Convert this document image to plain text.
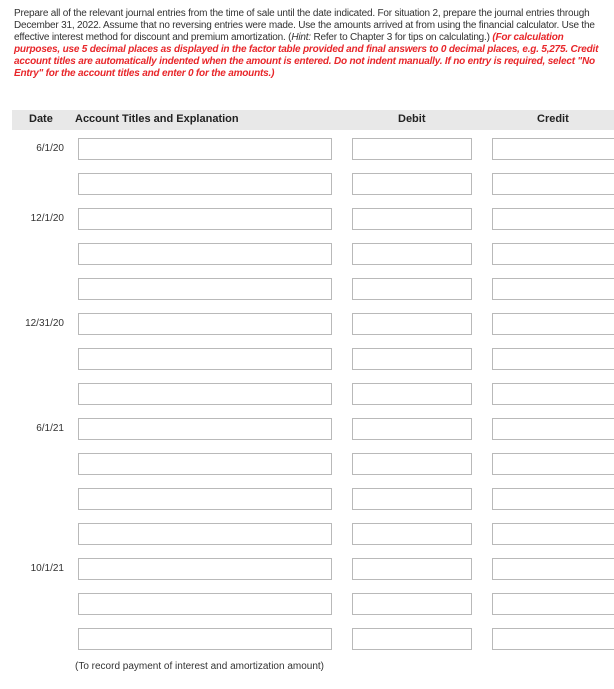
Prepare all of the relevant journal entries from the time of sale until the date indicated. For situation 2, prepare the journal entries through December 31, 2022. Assume that no reversing entries were made. Use the amounts arrived at from using the financial calculator. Use the effective interest method for discount and premium amortization. (Hint: Refer to Chapter 3 for tips on calculating.) (For calculation purposes, use 5 decimal places as displayed in the factor table provided and final answers to 0 decimal places, e.g. 5,275. Credit account titles are automatically indented when the amount is entered. Do not indent manually. If no entry is required, select "No Entry" for the account titles and enter 0 for the amounts.)
Date Account Titles and Explanation	Debit	Credit
6/1/20
12/1/20
12/31/20
6/1/21
10/1/21
(To record payment of interest and amortization amount)
